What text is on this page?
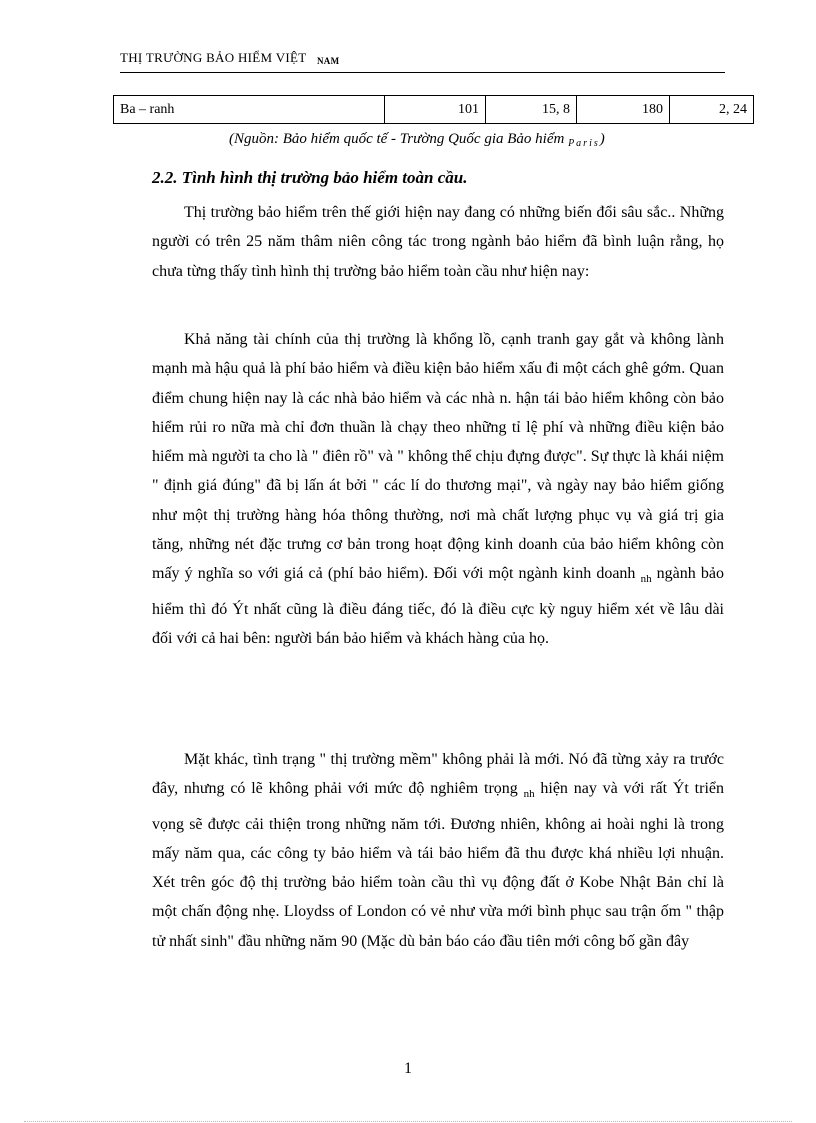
THỊ TRƯỜNG BẢO HIỂM VIỆT NAM
Ba – ranh	101	15, 8	180	2, 24
(Nguồn: Bảo hiểm quốc tế - Trường Quốc gia Bảo hiểm $_{Paris}$)
2.2. Tình hình thị trường bảo hiểm toàn cầu.

Thị trường bảo hiểm trên thế giới hiện nay đang có những biến đổi sâu sắc.. Những người có trên 25 năm thâm niên công tác trong ngành bảo hiểm đã bình luận rằng, họ chưa từng thấy tình hình thị trường bảo hiểm toàn cầu như hiện nay:

Khả năng tài chính của thị trường là khổng lồ, cạnh tranh gay gắt và không lành mạnh mà hậu quả là phí bảo hiểm và điều kiện bảo hiểm xấu đi một cách ghê gớm. Quan điểm chung hiện nay là các nhà bảo hiểm và các nhà n. hận tái bảo hiểm không còn bảo hiểm rủi ro nữa mà chỉ đơn thuần là chạy theo những tỉ lệ phí và những điều kiện bảo hiểm mà người ta cho là " điên rồ" và " không thể chịu đựng được". Sự thực là khái niệm " định giá đúng" đã bị lấn át bởi " các lí do thương mại", và ngày nay bảo hiểm giống như một thị trường hàng hóa thông thường, nơi mà chất lượng phục vụ và giá trị gia tăng, những nét đặc trưng cơ bản trong hoạt động kinh doanh của bảo hiểm không còn mấy ý nghĩa so với giá cả (phí bảo hiểm). Đối với một ngành kinh doanh $_{nh}$ ngành bảo hiểm thì đó Ýt nhất cũng là điều đáng tiếc, đó là điều cực kỳ nguy hiểm xét về lâu dài đối với cả hai bên: người bán bảo hiểm và khách hàng của họ.

Mặt khác, tình trạng " thị trường mềm" không phải là mới. Nó đã từng xảy ra trước đây, nhưng có lẽ không phải với mức độ nghiêm trọng $_{nh}$ hiện nay và với rất Ýt triển vọng sẽ được cải thiện trong những năm tới. Đương nhiên, không ai hoài nghi là trong mấy năm qua, các công ty bảo hiểm và tái bảo hiểm đã thu được khá nhiều lợi nhuận. Xét trên góc độ thị trường bảo hiểm toàn cầu thì vụ động đất ở Kobe Nhật Bản chỉ là một chấn động nhẹ. Lloydss of London có vẻ như vừa mới bình phục sau trận ốm " thập tử nhất sinh" đầu những năm 90 (Mặc dù bản báo cáo đầu tiên mới công bố gần đây

1
